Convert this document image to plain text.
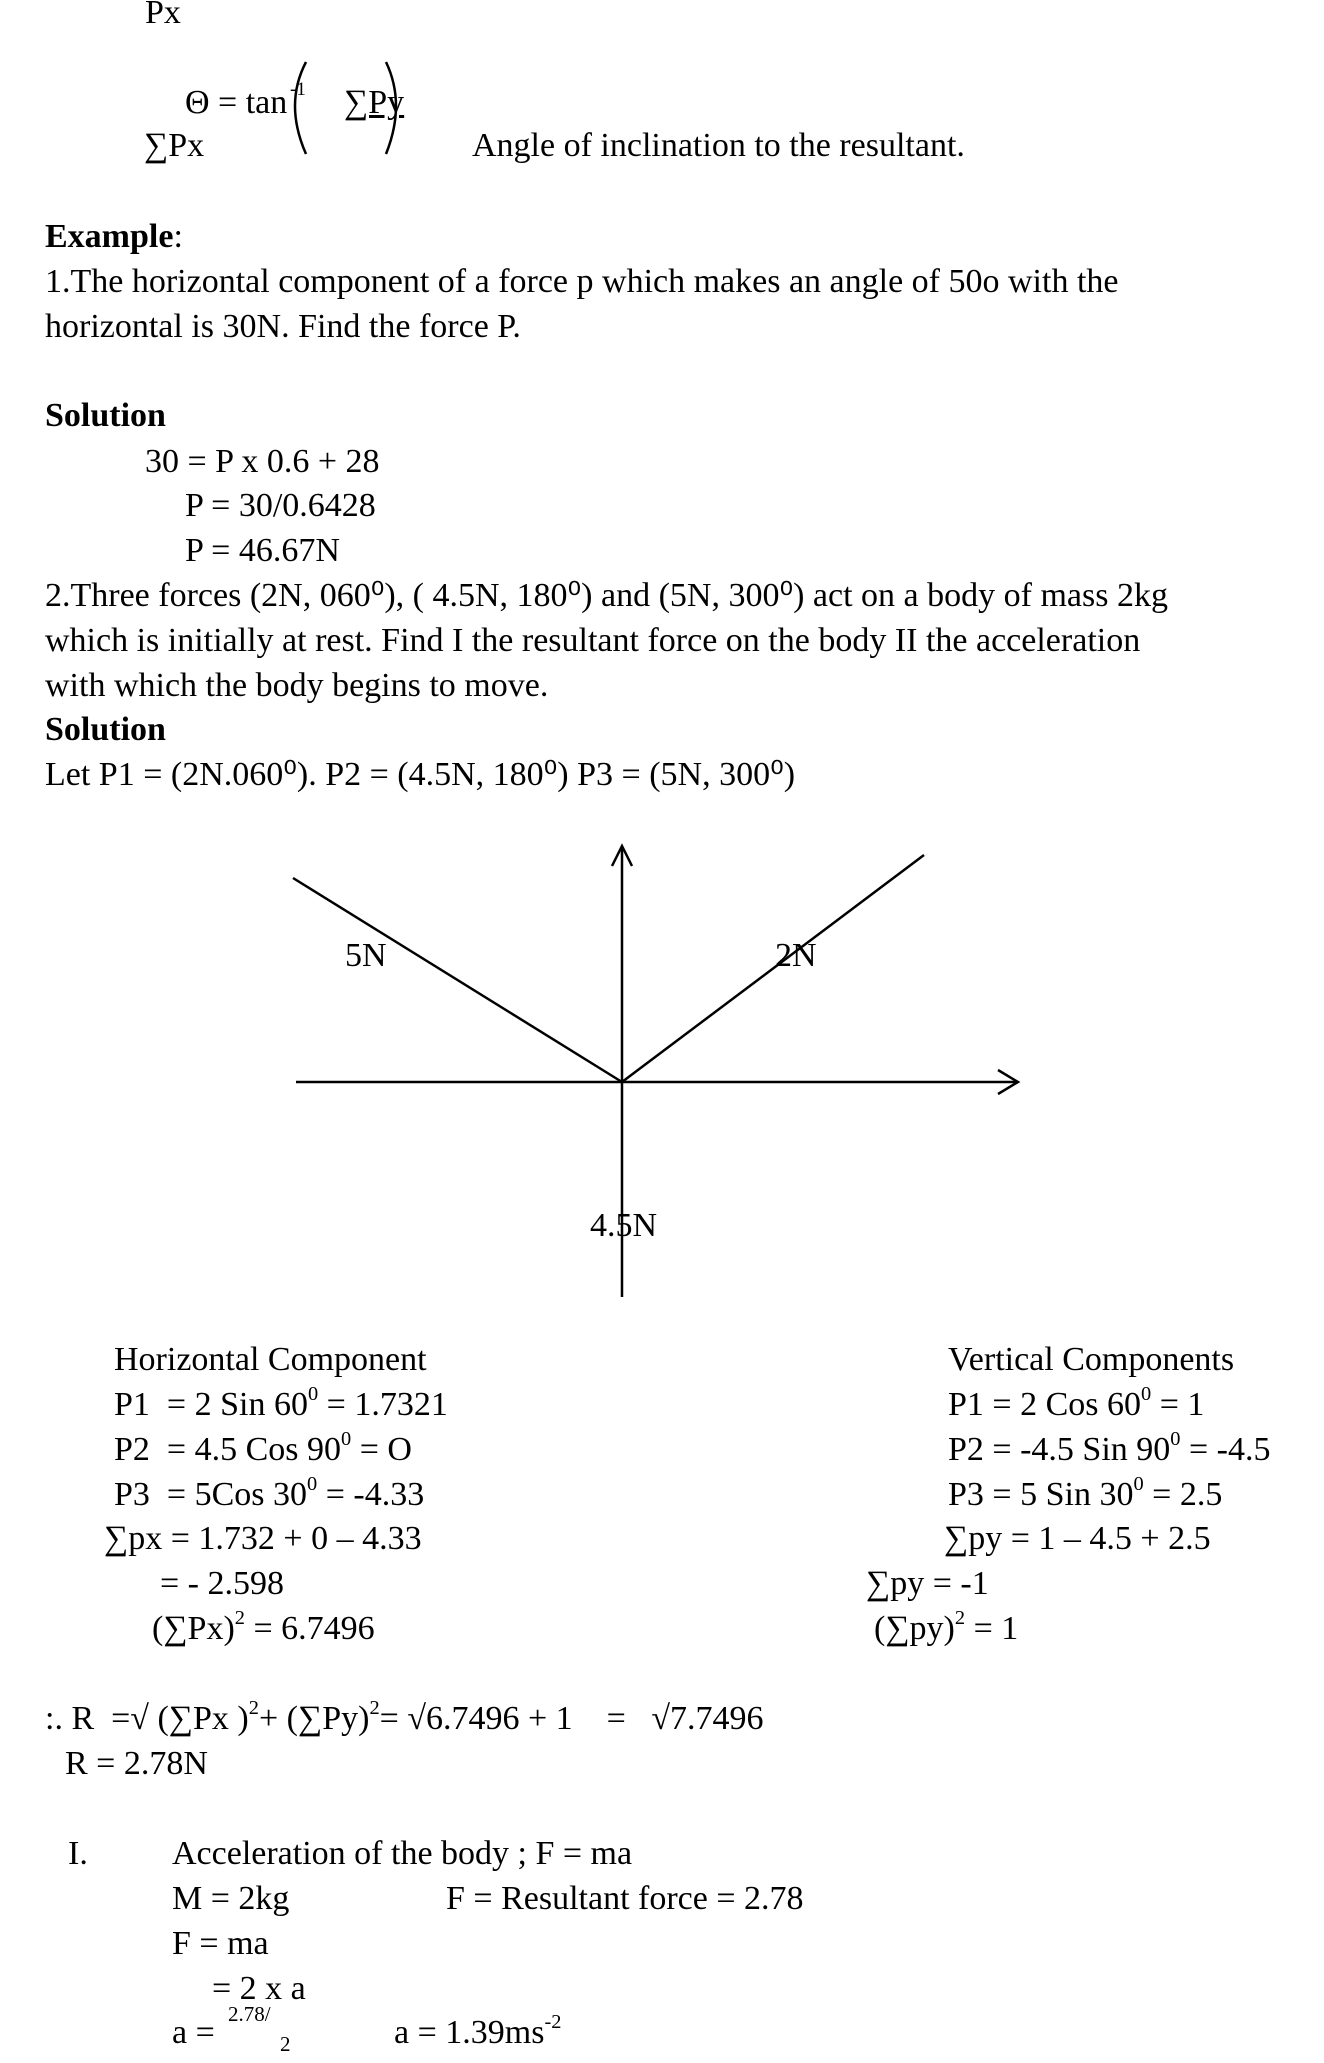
Px
Θ = tan -1 ∑Py
∑Px	Angle of inclination to the resultant.
Example:
1.The horizontal component of a force p which makes an angle of 50o with the
horizontal is 30N. Find the force P.
Solution
30 = P x 0.6 + 28
P = 30/0.6428
P = 46.67N
2.Three forces (2N, 060⁰), ( 4.5N, 180⁰) and (5N, 300⁰) act on a body of mass 2kg
which is initially at rest. Find I the resultant force on the body II the acceleration
with which the body begins to move.
Solution
Let P1 = (2N.060⁰). P2 = (4.5N, 180⁰) P3 = (5N, 300⁰)
5N	2N
4.5N
Horizontal Component
P1  = 2 Sin $60^0 = 1.7321$
P2  = 4.5 Cos $90^0 = O$
P3  = 5Cos $30^0 = -4.33$
∑px = 1.732 + 0 – 4.33
= - 2.598
$(\sum Px)^2 = 6.7496$
Vertical Components
P1 = 2 Cos $60^0 = 1$
P2 = -4.5 Sin $90^0 = -4.5$
P3 = 5 Sin $30^0 = 2.5$
∑py = 1 – 4.5 + 2.5
∑py = -1
$(\sum py)^2 = 1$
:. R  =√ (∑Px )$^2+ (\sum Py)^2= √6.7496 + 1$    =   √7.7496
R = 2.78N
I. Acceleration of the body ; F = ma
M = 2kg	F = Resultant force = 2.78
F = ma
= 2 x a
a = 2.78/
2	$a = 1.39ms^{-2}$
